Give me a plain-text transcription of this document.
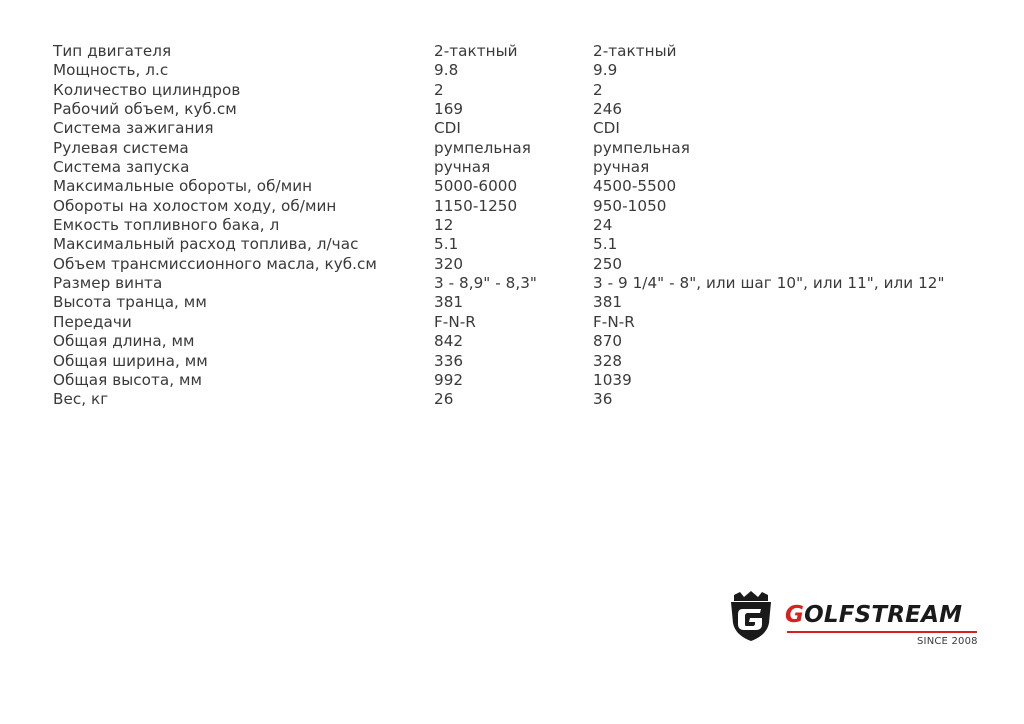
Тип двигателя	2-тактный	2-тактный
Мощность, л.с	9.8	9.9
Количество цилиндров	2	2
Рабочий объем, куб.см	169	246
Система зажигания	CDI	CDI
Рулевая система	румпельная	румпельная
Система запуска	ручная	ручная
Максимальные обороты, об/мин	5000-6000	4500-5500
Обороты на холостом ходу, об/мин	1150-1250	950-1050
Емкость топливного бака, л	12	24
Максимальный расход топлива, л/час	5.1	5.1
Объем трансмиссионного масла, куб.см	320	250
Размер винта	3 - 8,9" - 8,3"	3 - 9 1/4" - 8", или шаг 10", или 11", или 12"
Высота транца, мм	381	381
Передачи	F-N-R	F-N-R
Общая длина, мм	842	870
Общая ширина, мм	336	328
Общая высота, мм	992	1039
Вес, кг	26	36
GOLFSTREAM
SINCE 2008
